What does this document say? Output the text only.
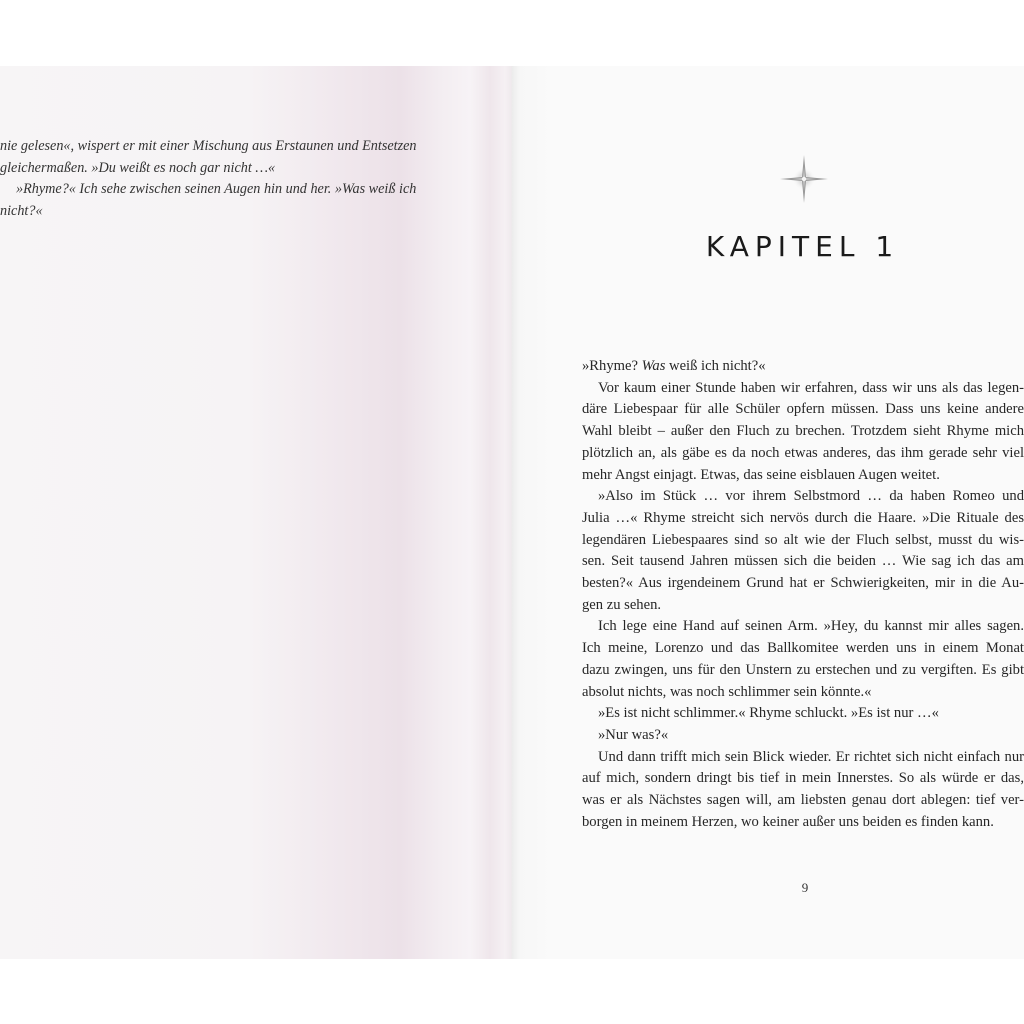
nie gelesen«, wispert er mit einer Mischung aus Erstaunen und Entsetzen

gleichermaßen. »Du weißt es noch gar nicht …«

»Rhyme?« Ich sehe zwischen seinen Augen hin und her. »Was weiß ich

nicht?«

KAPITEL 1
»Rhyme? Was weiß ich nicht?«
Vor kaum einer Stunde haben wir erfahren, dass wir uns als das legen-
däre Liebespaar für alle Schüler opfern müssen. Dass uns keine andere
Wahl bleibt – außer den Fluch zu brechen. Trotzdem sieht Rhyme mich
plötzlich an, als gäbe es da noch etwas anderes, das ihm gerade sehr viel
mehr Angst einjagt. Etwas, das seine eisblauen Augen weitet.
»Also im Stück … vor ihrem Selbstmord … da haben Romeo und
Julia …« Rhyme streicht sich nervös durch die Haare. »Die Rituale des
legendären Liebespaares sind so alt wie der Fluch selbst, musst du wis-
sen. Seit tausend Jahren müssen sich die beiden … Wie sag ich das am
besten?« Aus irgendeinem Grund hat er Schwierigkeiten, mir in die Au-
gen zu sehen.
Ich lege eine Hand auf seinen Arm. »Hey, du kannst mir alles sagen.
Ich meine, Lorenzo und das Ballkomitee werden uns in einem Monat
dazu zwingen, uns für den Unstern zu erstechen und zu vergiften. Es gibt
absolut nichts, was noch schlimmer sein könnte.«
»Es ist nicht schlimmer.« Rhyme schluckt. »Es ist nur …«
»Nur was?«
Und dann trifft mich sein Blick wieder. Er richtet sich nicht einfach nur
auf mich, sondern dringt bis tief in mein Innerstes. So als würde er das,
was er als Nächstes sagen will, am liebsten genau dort ablegen: tief ver-
borgen in meinem Herzen, wo keiner außer uns beiden es finden kann.
9
